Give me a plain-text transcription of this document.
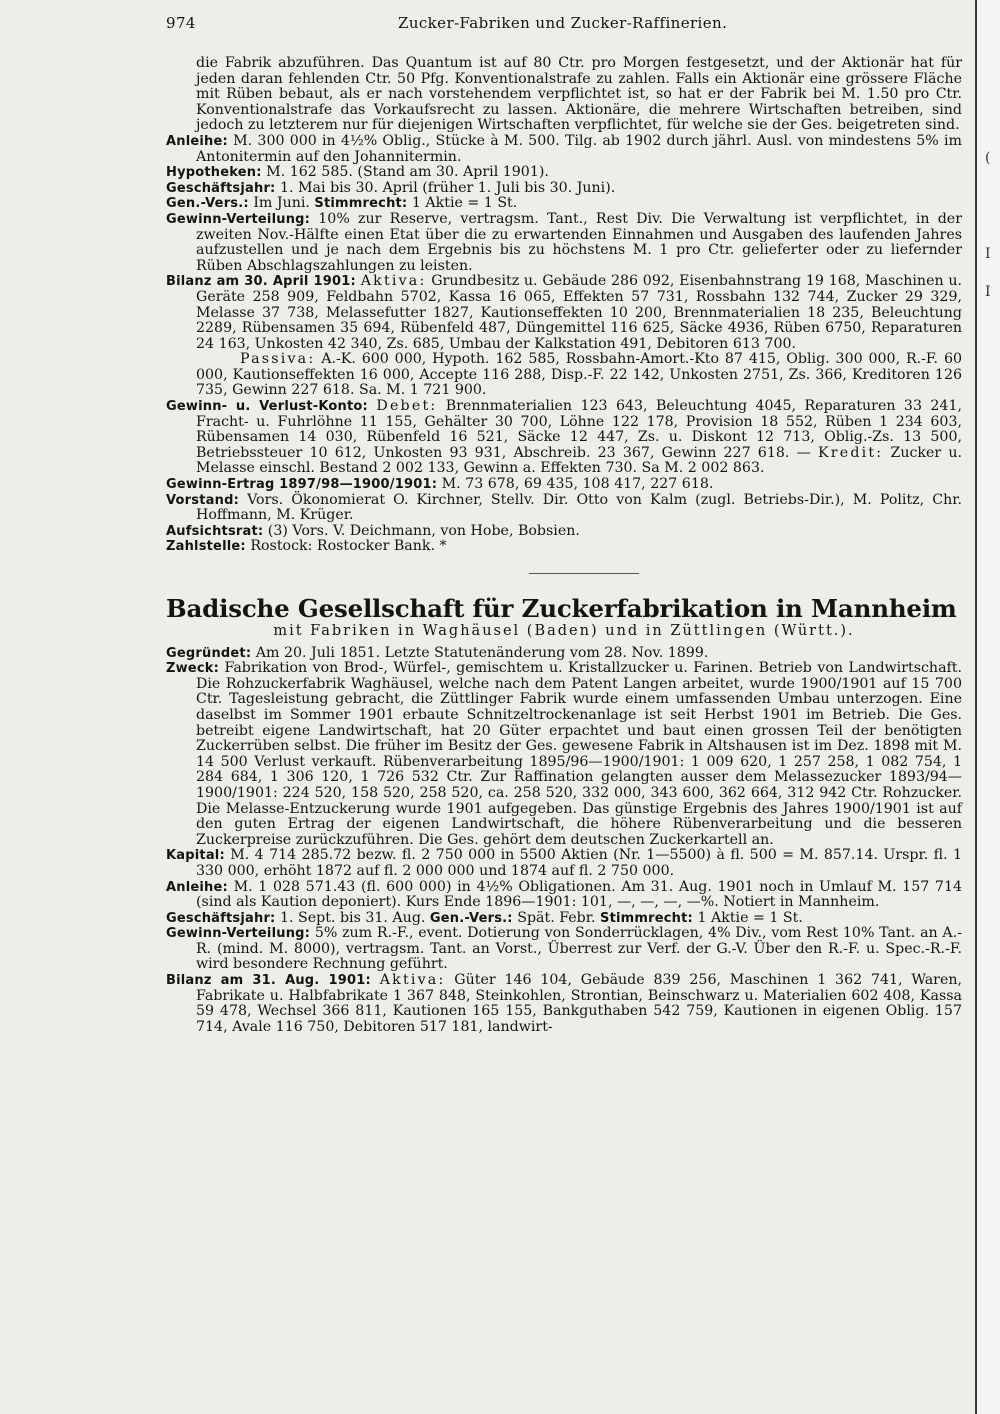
974	Zucker-Fabriken und Zucker-Raffinerien.

die Fabrik abzuführen. Das Quantum ist auf 80 Ctr. pro Morgen festgesetzt, und der Aktionär hat für jeden daran fehlenden Ctr. 50 Pfg. Konventionalstrafe zu zahlen. Falls ein Aktionär eine grössere Fläche mit Rüben bebaut, als er nach vorstehendem verpflichtet ist, so hat er der Fabrik bei M. 1.50 pro Ctr. Konventionalstrafe das Vorkaufsrecht zu lassen. Aktionäre, die mehrere Wirtschaften betreiben, sind jedoch zu letzterem nur für diejenigen Wirtschaften verpflichtet, für welche sie der Ges. beigetreten sind.

Anleihe: M. 300 000 in 4½% Oblig., Stücke à M. 500. Tilg. ab 1902 durch jährl. Ausl. von mindestens 5% im Antonitermin auf den Johannitermin.

Hypotheken: M. 162 585. (Stand am 30. April 1901).

Geschäftsjahr: 1. Mai bis 30. April (früher 1. Juli bis 30. Juni).

Gen.-Vers.: Im Juni. Stimmrecht: 1 Aktie = 1 St.

Gewinn-Verteilung: 10% zur Reserve, vertragsm. Tant., Rest Div. Die Verwaltung ist verpflichtet, in der zweiten Nov.-Hälfte einen Etat über die zu erwartenden Einnahmen und Ausgaben des laufenden Jahres aufzustellen und je nach dem Ergebnis bis zu höchstens M. 1 pro Ctr. gelieferter oder zu liefernder Rüben Abschlagszahlungen zu leisten.

Bilanz am 30. April 1901: Aktiva: Grundbesitz u. Gebäude 286 092, Eisenbahnstrang 19 168, Maschinen u. Geräte 258 909, Feldbahn 5702, Kassa 16 065, Effekten 57 731, Rossbahn 132 744, Zucker 29 329, Melasse 37 738, Melassefutter 1827, Kautionseffekten 10 200, Brennmaterialien 18 235, Beleuchtung 2289, Rübensamen 35 694, Rübenfeld 487, Düngemittel 116 625, Säcke 4936, Rüben 6750, Reparaturen 24 163, Unkosten 42 340, Zs. 685, Umbau der Kalkstation 491, Debitoren 613 700.

Passiva: A.-K. 600 000, Hypoth. 162 585, Rossbahn-Amort.-Kto 87 415, Oblig. 300 000, R.-F. 60 000, Kautionseffekten 16 000, Accepte 116 288, Disp.-F. 22 142, Unkosten 2751, Zs. 366, Kreditoren 126 735, Gewinn 227 618. Sa. M. 1 721 900.

Gewinn- u. Verlust-Konto: Debet: Brennmaterialien 123 643, Beleuchtung 4045, Reparaturen 33 241, Fracht- u. Fuhrlöhne 11 155, Gehälter 30 700, Löhne 122 178, Provision 18 552, Rüben 1 234 603, Rübensamen 14 030, Rübenfeld 16 521, Säcke 12 447, Zs. u. Diskont 12 713, Oblig.-Zs. 13 500, Betriebssteuer 10 612, Unkosten 93 931, Abschreib. 23 367, Gewinn 227 618. — Kredit: Zucker u. Melasse einschl. Bestand 2 002 133, Gewinn a. Effekten 730. Sa M. 2 002 863.

Gewinn-Ertrag 1897/98—1900/1901: M. 73 678, 69 435, 108 417, 227 618.

Vorstand: Vors. Ökonomierat O. Kirchner, Stellv. Dir. Otto von Kalm (zugl. Betriebs-Dir.), M. Politz, Chr. Hoffmann, M. Krüger.

Aufsichtsrat: (3) Vors. V. Deichmann, von Hobe, Bobsien.

Zahlstelle: Rostock: Rostocker Bank. *

Badische Gesellschaft für Zuckerfabrikation in Mannheim

mit Fabriken in Waghäusel (Baden) und in Züttlingen (Württ.).

Gegründet: Am 20. Juli 1851. Letzte Statutenänderung vom 28. Nov. 1899.

Zweck: Fabrikation von Brod-, Würfel-, gemischtem u. Kristallzucker u. Farinen. Betrieb von Landwirtschaft. Die Rohzuckerfabrik Waghäusel, welche nach dem Patent Langen arbeitet, wurde 1900/1901 auf 15 700 Ctr. Tagesleistung gebracht, die Züttlinger Fabrik wurde einem umfassenden Umbau unterzogen. Eine daselbst im Sommer 1901 erbaute Schnitzeltrockenanlage ist seit Herbst 1901 im Betrieb. Die Ges. betreibt eigene Landwirtschaft, hat 20 Güter erpachtet und baut einen grossen Teil der benötigten Zuckerrüben selbst. Die früher im Besitz der Ges. gewesene Fabrik in Altshausen ist im Dez. 1898 mit M. 14 500 Verlust verkauft. Rübenverarbeitung 1895/96—1900/1901: 1 009 620, 1 257 258, 1 082 754, 1 284 684, 1 306 120, 1 726 532 Ctr. Zur Raffination gelangten ausser dem Melassezucker 1893/94—1900/1901: 224 520, 158 520, 258 520, ca. 258 520, 332 000, 343 600, 362 664, 312 942 Ctr. Rohzucker. Die Melasse-Entzuckerung wurde 1901 aufgegeben. Das günstige Ergebnis des Jahres 1900/1901 ist auf den guten Ertrag der eigenen Landwirtschaft, die höhere Rübenverarbeitung und die besseren Zuckerpreise zurückzuführen. Die Ges. gehört dem deutschen Zuckerkartell an.

Kapital: M. 4 714 285.72 bezw. fl. 2 750 000 in 5500 Aktien (Nr. 1—5500) à fl. 500 = M. 857.14. Urspr. fl. 1 330 000, erhöht 1872 auf fl. 2 000 000 und 1874 auf fl. 2 750 000.

Anleihe: M. 1 028 571.43 (fl. 600 000) in 4½% Obligationen. Am 31. Aug. 1901 noch in Umlauf M. 157 714 (sind als Kaution deponiert). Kurs Ende 1896—1901: 101, —, —, —, —%. Notiert in Mannheim.

Geschäftsjahr: 1. Sept. bis 31. Aug. Gen.-Vers.: Spät. Febr. Stimmrecht: 1 Aktie = 1 St.

Gewinn-Verteilung: 5% zum R.-F., event. Dotierung von Sonderrücklagen, 4% Div., vom Rest 10% Tant. an A.-R. (mind. M. 8000), vertragsm. Tant. an Vorst., Überrest zur Verf. der G.-V. Über den R.-F. u. Spec.-R.-F. wird besondere Rechnung geführt.

Bilanz am 31. Aug. 1901: Aktiva: Güter 146 104, Gebäude 839 256, Maschinen 1 362 741, Waren, Fabrikate u. Halbfabrikate 1 367 848, Steinkohlen, Strontian, Beinschwarz u. Materialien 602 408, Kassa 59 478, Wechsel 366 811, Kautionen 165 155, Bankguthaben 542 759, Kautionen in eigenen Oblig. 157 714, Avale 116 750, Debitoren 517 181, landwirt-

(
I
I
